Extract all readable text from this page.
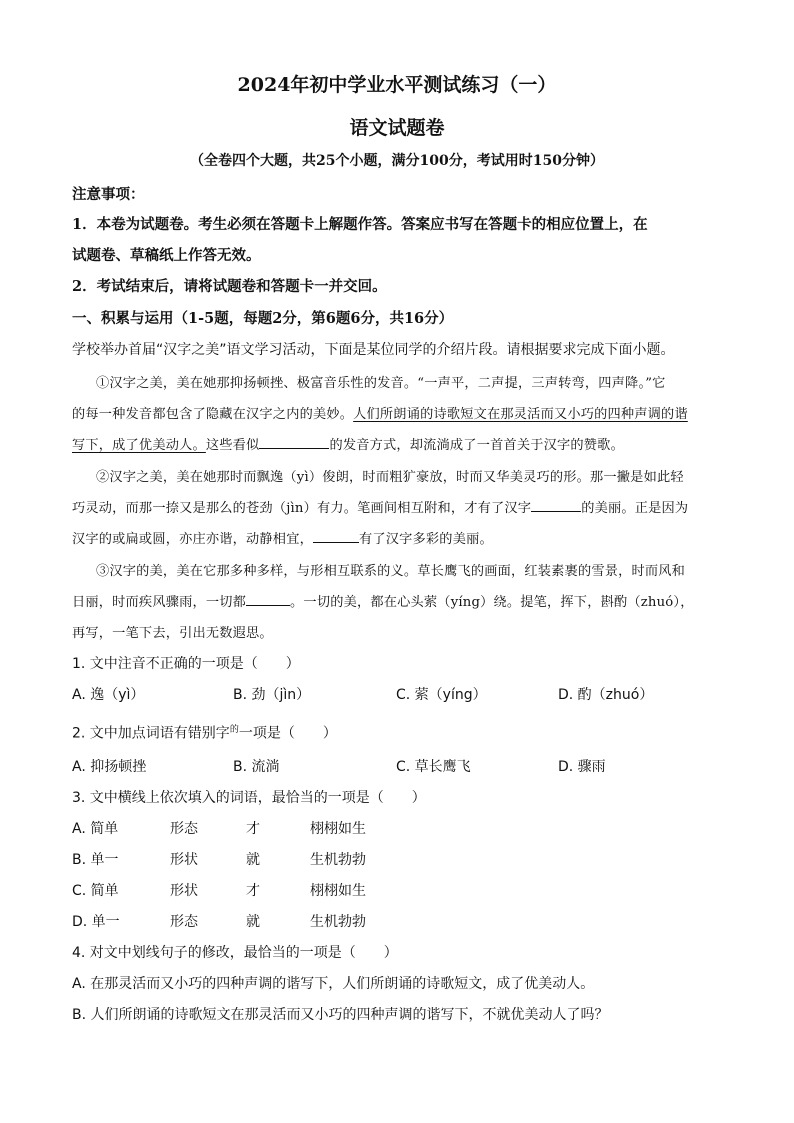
2024年初中学业水平测试练习（一）
语文试题卷
（全卷四个大题，共25个小题，满分100分，考试用时150分钟）
注意事项：
1．本卷为试题卷。考生必须在答题卡上解题作答。答案应书写在答题卡的相应位置上，在
试题卷、草稿纸上作答无效。
2．考试结束后，请将试题卷和答题卡一并交回。
一、积累与运用（1-5题，每题2分，第6题6分，共16分）
学校举办首届“汉字之美”语文学习活动，下面是某位同学的介绍片段。请根据要求完成下面小题。
①汉字之美，美在她那抑扬顿挫、极富音乐性的发音。“一声平，二声提，三声转弯，四声降。”它
的每一种发音都包含了隐藏在汉字之内的美妙。人们所朗诵的诗歌短文在那灵活而又小巧的四种声调的谐
写下，成了优美动人。这些看似	的发音方式，却流淌成了一首首关于汉字的赞歌。
②汉字之美，美在她那时而飘逸（yì）俊朗，时而粗犷豪放，时而又华美灵巧的形。那一撇是如此轻
巧灵动，而那一捺又是那么的苍劲（jìn）有力。笔画间相互附和，才有了汉字	的美丽。正是因为
汉字的或扁或圆，亦庄亦谐，动静相宜，	有了汉字多彩的美丽。
③汉字的美，美在它那多种多样，与形相互联系的义。草长鹰飞的画面，红装素裹的雪景，时而风和
日丽，时而疾风骤雨，一切都	。一切的美，都在心头萦（yíng）绕。提笔，挥下，斟酌（zhuó），
再写，一笔下去，引出无数遐思。
1. 文中注音不正确的一项是（　　）
A. 逸（yì）	B. 劲（jìn）	C. 萦（yíng）	D. 酌（zhuó）
2. 文中加点词语有错别字$^的$一项是（　　）
A. 抑扬顿挫	B. 流淌	C. 草长鹰飞	D. 骤雨
3. 文中横线上依次填入的词语，最恰当的一项是（　　）
A. 简单	形态	才	栩栩如生
B. 单一	形状	就	生机勃勃
C. 简单	形状	才	栩栩如生
D. 单一	形态	就	生机勃勃
4. 对文中划线句子的修改，最恰当的一项是（　　）
A. 在那灵活而又小巧的四种声调的谐写下，人们所朗诵的诗歌短文，成了优美动人。
B. 人们所朗诵的诗歌短文在那灵活而又小巧的四种声调的谐写下，不就优美动人了吗？
